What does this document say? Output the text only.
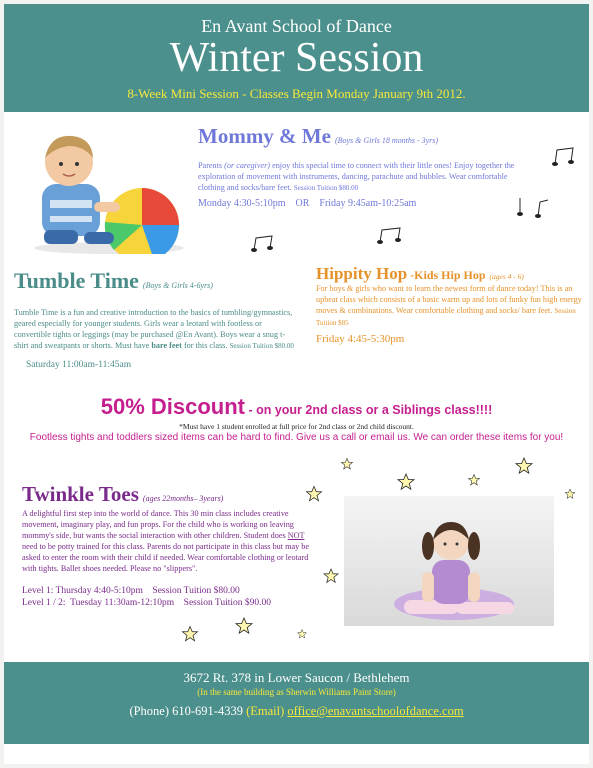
En Avant School of Dance
Winter Session
8-Week Mini Session - Classes Begin Monday January 9th 2012.
Mommy & Me (Boys & Girls 18 months - 3yrs)
Parents (or caregiver) enjoy this special time to connect with their little ones! Enjoy together the exploration of movement with instruments, dancing, parachute and bubbles. Wear comfortable clothing and socks/bare feet. Session Tuition $80.00
Monday 4:30-5:10pm    OR    Friday 9:45am-10:25am
Tumble Time (Boys & Girls 4-6yrs)
Tumble Time is a fun and creative introduction to the basics of tumbling/gymnastics, geared especially for younger students. Girls wear a leotard with footless or convertible tights or leggings (may be purchased @En Avant). Boys wear a snug t-shirt and sweatpants or shorts. Must have bare feet for this class. Session Tuition $80.00
Saturday 11:00am-11:45am
Hippity Hop -Kids Hip Hop (ages 4 - 6)
For boys & girls who want to learn the newest form of dance today! This is an upbeat class which consists of a basic warm up and lots of funky fun high energy moves & combinations. Wear comfortable clothing and socks/ bare feet. Session Tuition $85
Friday 4:45-5:30pm
50% Discount - on your 2nd class or a Siblings class!!!!
*Must have 1 student enrolled at full price for 2nd class or 2nd child discount.
Footless tights and toddlers sized items can be hard to find. Give us a call or email us. We can order these items for you!
Twinkle Toes (ages 22months– 3years)
A delightful first step into the world of dance. This 30 min class includes creative movement, imaginary play, and fun props. For the child who is working on leaving mommy's side, but wants the social interaction with other children. Student does NOT need to be potty trained for this class. Parents do not participate in this class but may be asked to enter the room with their child if needed. Wear comfortable clothing or leotard with tights. Ballet shoes needed. Please no "slippers".
Level 1: Thursday 4:40-5:10pm    Session Tuition $80.00
Level 1 / 2:  Tuesday 11:30am-12:10pm    Session Tuition $90.00
3672 Rt. 378 in Lower Saucon / Bethlehem
(In the same building as Sherwin Williams Paint Store)
(Phone) 610-691-4339 (Email) office@enavantschoolofdance.com
